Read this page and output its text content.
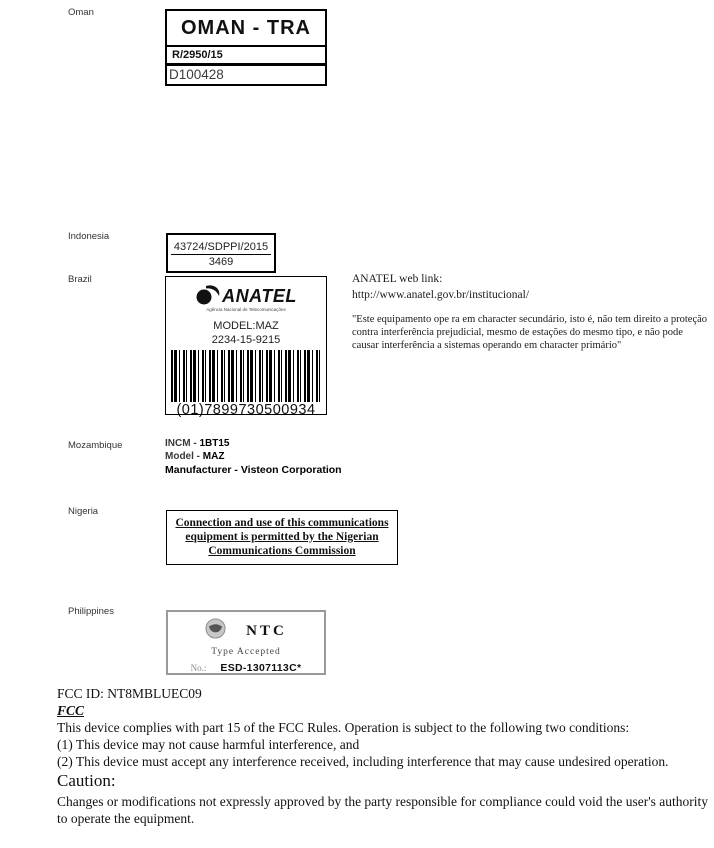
Oman
OMAN - TRA
R/2950/15
D100428
Indonesia
43724/SDPPI/2015
3469
Brazil
ANATEL
Agência Nacional de Telecomunicações
MODEL:MAZ
2234-15-9215
(01)7899730500934
ANATEL web link:
http://www.anatel.gov.br/institucional/
"Este equipamento ope ra em character secundário, isto é, não tem direito a proteção contra interferência prejudicial, mesmo de estações do mesmo tipo, e não pode causar interferência a sistemas operando em character primário"
Mozambique	INCM - 1BT15
Model - MAZ
Manufacturer - Visteon Corporation
Nigeria
Connection and use of this communications
equipment is permitted by the Nigerian
Communications Commission
Philippines
NTC
Type Accepted
No.: ESD-1307113C*
FCC ID: NT8MBLUEC09
FCC
This device complies with part 15 of the FCC Rules. Operation is subject to the following two conditions:
(1) This device may not cause harmful interference, and
(2) This device must accept any interference received, including interference that may cause undesired operation.
Caution:
Changes or modifications not expressly approved by the party responsible for compliance could void the user's authority to operate the equipment.
